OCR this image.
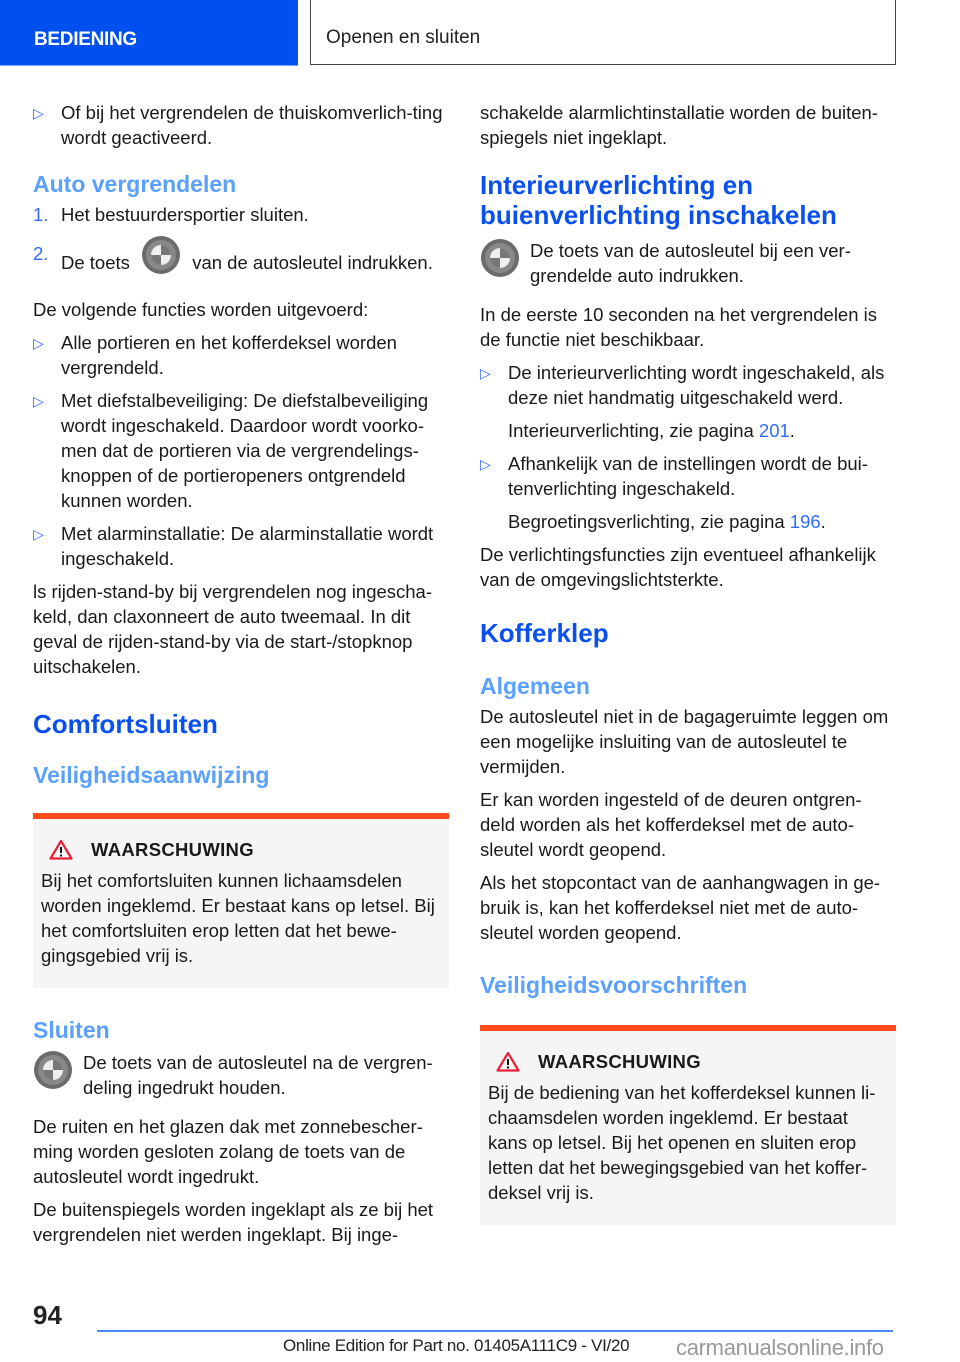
BEDIENING	Openen en sluiten
▷ Of bij het vergrendelen de thuiskomverlich-ting wordt geactiveerd.
Auto vergrendelen
1. Het bestuurdersportier sluiten.
2. De toets	van de autosleutel indrukken.

De volgende functies worden uitgevoerd:

▷ Alle portieren en het kofferdeksel worden vergrendeld.
▷ Met diefstalbeveiliging: De diefstalbeveiliging wordt ingeschakeld. Daardoor wordt voorko-men dat de portieren via de vergrendelings-knoppen of de portieropeners ontgrendeld kunnen worden.
▷ Met alarminstallatie: De alarminstallatie wordt ingeschakeld.

ls rijden-stand-by bij vergrendelen nog ingescha-keld, dan claxonneert de auto tweemaal. In dit geval de rijden-stand-by via de start-/stopknop uitschakelen.

Comfortsluiten
Veiligheidsaanwijzing
WAARSCHUWING
Bij het comfortsluiten kunnen lichaamsdelen worden ingeklemd. Er bestaat kans op letsel. Bij het comfortsluiten erop letten dat het bewe-gingsgebied vrij is.
Sluiten
De toets van de autosleutel na de vergren-deling ingedrukt houden.

De ruiten en het glazen dak met zonnebescher-ming worden gesloten zolang de toets van de autosleutel wordt ingedrukt.

De buitenspiegels worden ingeklapt als ze bij het vergrendelen niet werden ingeklapt. Bij inge-

schakelde alarmlichtinstallatie worden de buiten-spiegels niet ingeklapt.

Interieurverlichting en buienverlichting inschakelen
De toets van de autosleutel bij een ver-grendelde auto indrukken.

In de eerste 10 seconden na het vergrendelen is de functie niet beschikbaar.

▷ De interieurverlichting wordt ingeschakeld, als deze niet handmatig uitgeschakeld werd.
Interieurverlichting, zie pagina 201.
▷ Afhankelijk van de instellingen wordt de bui-tenverlichting ingeschakeld.
Begroetingsverlichting, zie pagina 196.

De verlichtingsfuncties zijn eventueel afhankelijk van de omgevingslichtsterkte.

Kofferklep
Algemeen

De autosleutel niet in de bagageruimte leggen om een mogelijke insluiting van de autosleutel te vermijden.

Er kan worden ingesteld of de deuren ontgren-deld worden als het kofferdeksel met de auto-sleutel wordt geopend.

Als het stopcontact van de aanhangwagen in ge-bruik is, kan het kofferdeksel niet met de auto-sleutel worden geopend.

Veiligheidsvoorschriften
WAARSCHUWING
Bij de bediening van het kofferdeksel kunnen li-chaamsdelen worden ingeklemd. Er bestaat kans op letsel. Bij het openen en sluiten erop letten dat het bewegingsgebied van het koffer-deksel vrij is.
94
Online Edition for Part no. 01405A111C9 - VI/20 carmanualsonline.info
